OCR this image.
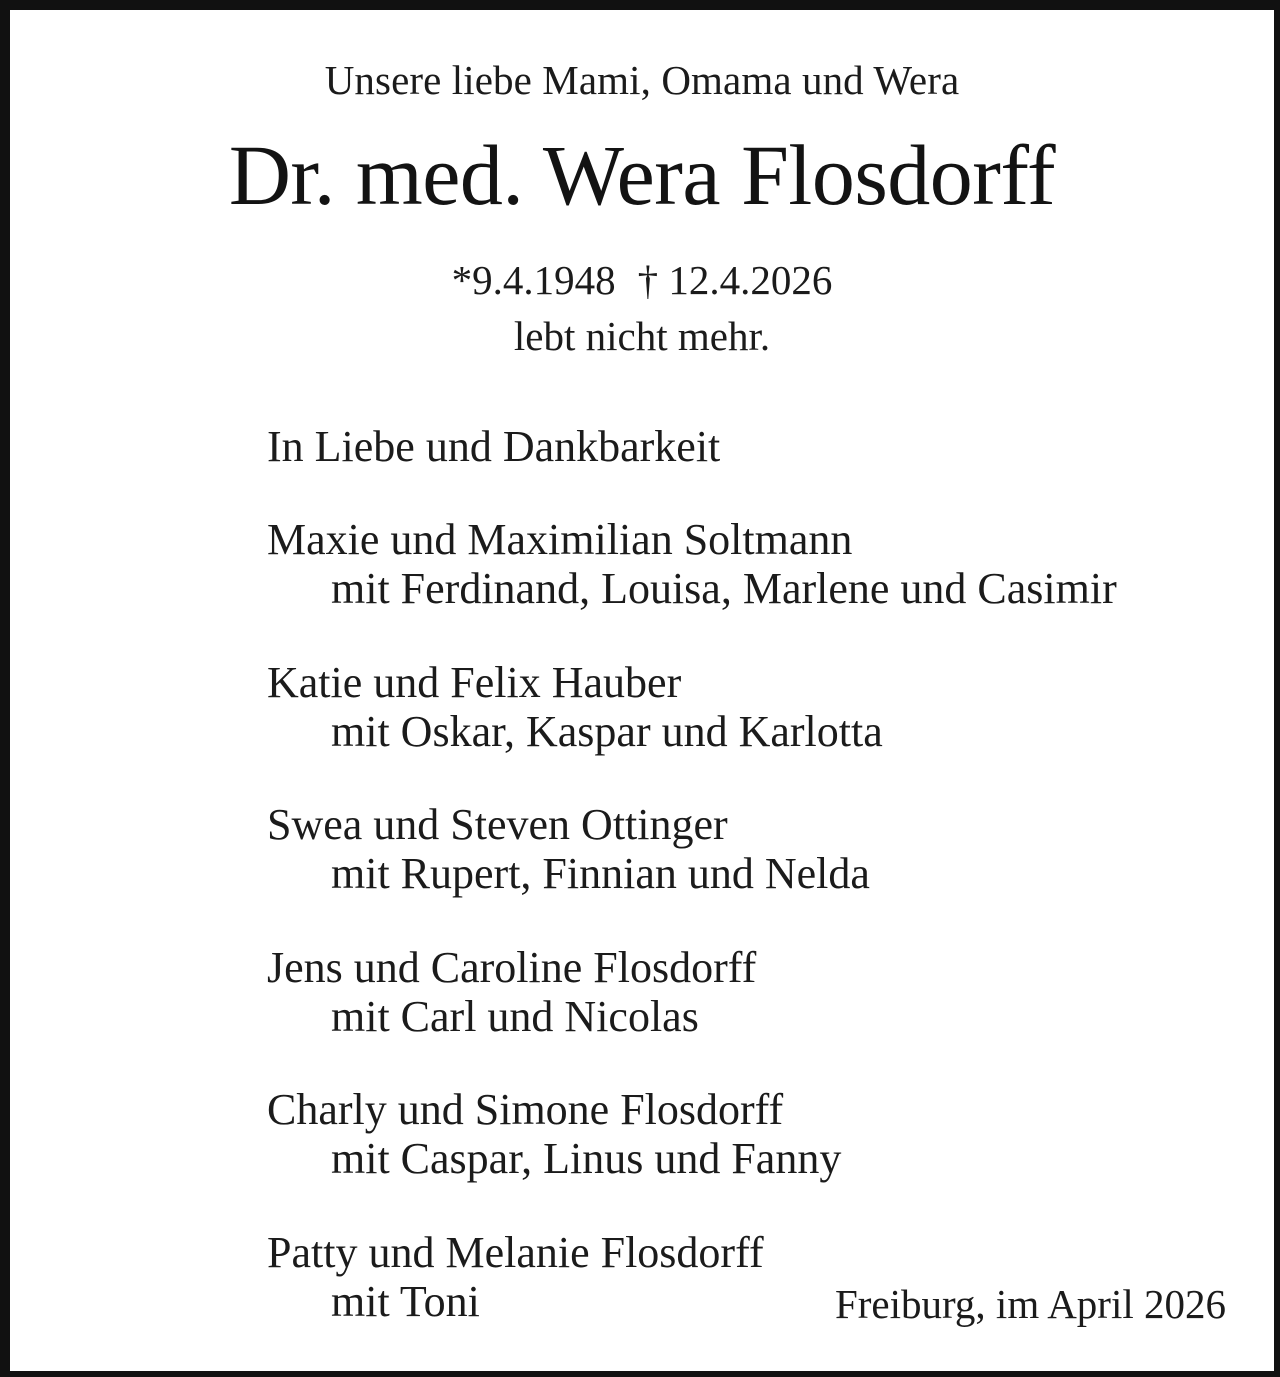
Unsere liebe Mami, Omama und Wera
Dr. med. Wera Flosdorff
*9.4.1948 † 12.4.2026
lebt nicht mehr.
In Liebe und Dankbarkeit
Maxie und Maximilian Soltmann
mit Ferdinand, Louisa, Marlene und Casimir
Katie und Felix Hauber
mit Oskar, Kaspar und Karlotta
Swea und Steven Ottinger
mit Rupert, Finnian und Nelda
Jens und Caroline Flosdorff
mit Carl und Nicolas
Charly und Simone Flosdorff
mit Caspar, Linus und Fanny
Patty und Melanie Flosdorff
mit Toni	Freiburg, im April 2026
